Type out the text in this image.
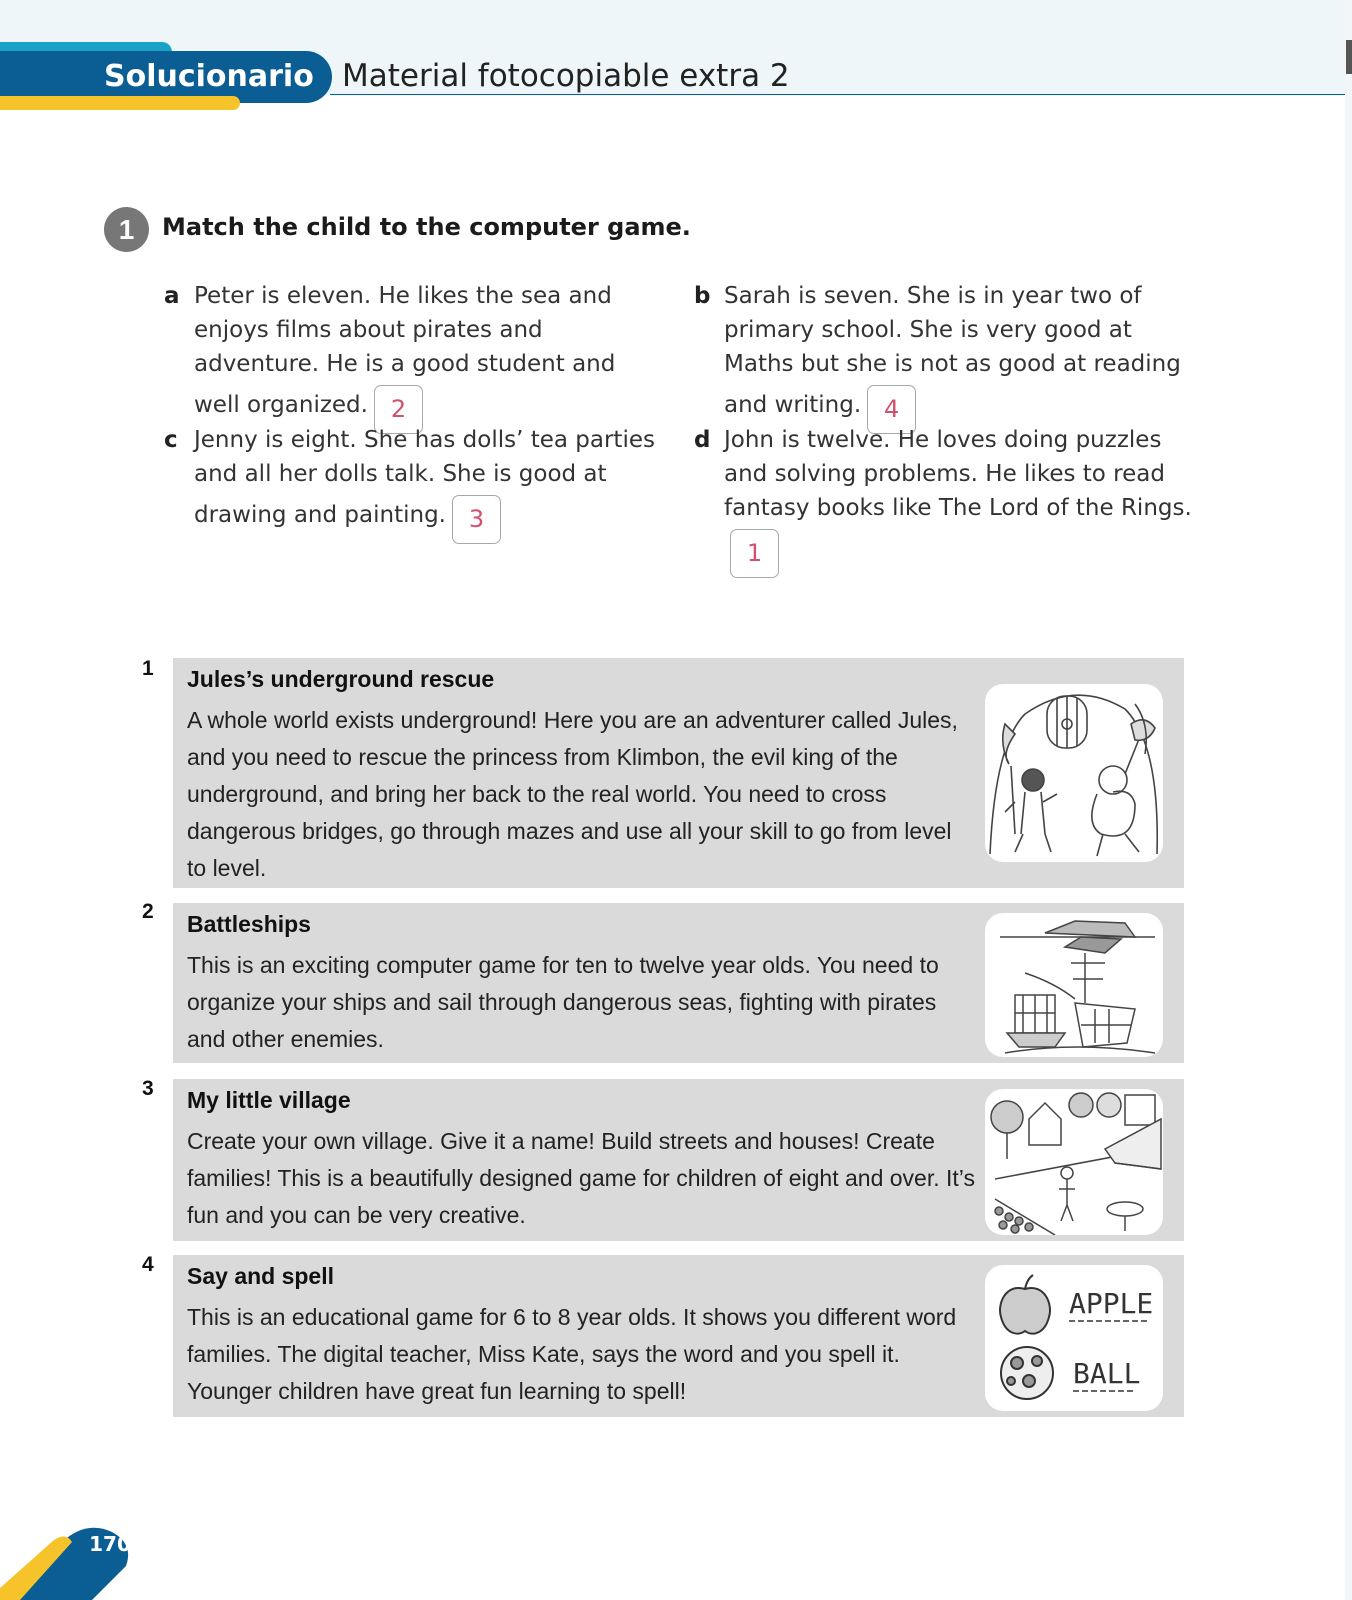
Solucionario Material fotocopiable extra 2
1	Match the child to the computer game.
a Peter is eleven. He likes the sea and enjoys films about pirates and adventure. He is a good student and well organized. 2
b Sarah is seven. She is in year two of primary school. She is very good at Maths but she is not as good at reading and writing. 4
c Jenny is eight. She has dolls’ tea parties and all her dolls talk. She is good at drawing and painting. 3
d John is twelve. He loves doing puzzles and solving problems. He likes to read fantasy books like The Lord of the Rings.1
1 Jules’s underground rescue
A whole world exists underground! Here you are an adventurer called Jules, and you need to rescue the princess from Klimbon, the evil king of the underground, and bring her back to the real world. You need to cross dangerous bridges, go through mazes and use all your skill to go from level to level.
2 Battleships
This is an exciting computer game for ten to twelve year olds. You need to organize your ships and sail through dangerous seas, fighting with pirates and other enemies.
3 My little village
Create your own village. Give it a name! Build streets and houses! Create families! This is a beautifully designed game for children of eight and over. It’s fun and you can be very creative.
4 Say and spell
This is an educational game for 6 to 8 year olds. It shows you different word families. The digital teacher, Miss Kate, says the word and you spell it. Younger children have great fun learning to spell!
APPLE
BALL
170
